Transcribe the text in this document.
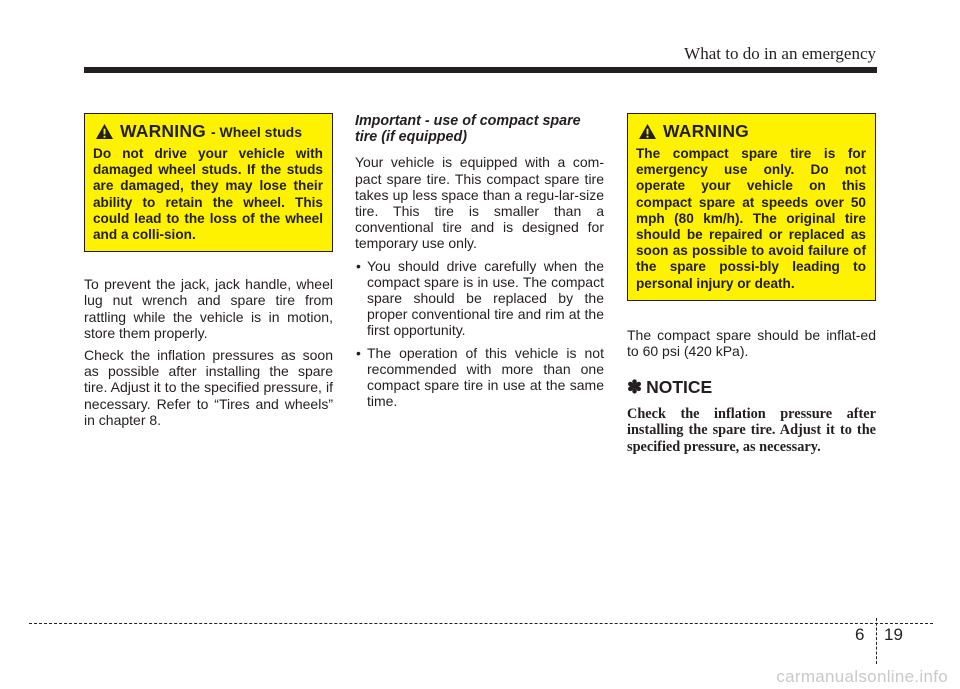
What to do in an emergency
WARNING - Wheel studs

Do not drive your vehicle with damaged wheel studs. If the studs are damaged, they may lose their ability to retain the wheel. This could lead to the loss of the wheel and a colli-sion.

To prevent the jack, jack handle, wheel lug nut wrench and spare tire from rattling while the vehicle is in motion, store them properly.

Check the inflation pressures as soon as possible after installing the spare tire. Adjust it to the specified pressure, if necessary. Refer to “Tires and wheels” in chapter 8.

Important - use of compact spare tire (if equipped)

Your vehicle is equipped with a com-pact spare tire. This compact spare tire takes up less space than a regu-lar-size tire. This tire is smaller than a conventional tire and is designed for temporary use only.

• You should drive carefully when the compact spare is in use. The compact spare should be replaced by the proper conventional tire and rim at the first opportunity.
• The operation of this vehicle is not recommended with more than one compact spare tire in use at the same time.
WARNING

The compact spare tire is for emergency use only. Do not operate your vehicle on this compact spare at speeds over 50 mph (80 km/h). The original tire should be repaired or replaced as soon as possible to avoid failure of the spare possi-bly leading to personal injury or death.

The compact spare should be inflat-ed to 60 psi (420 kPa).

✽ NOTICE

Check the inflation pressure after installing the spare tire. Adjust it to the specified pressure, as necessary.

6 19
carmanualsonline.info
